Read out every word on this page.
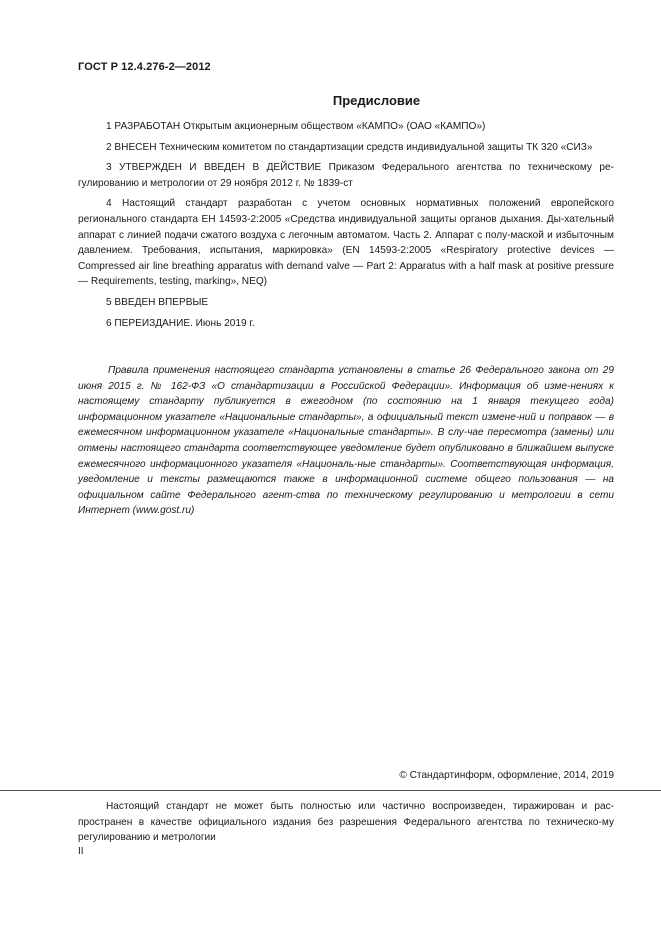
ГОСТ Р 12.4.276-2—2012
Предисловие

1 РАЗРАБОТАН Открытым акционерным обществом «КАМПО» (ОАО «КАМПО»)

2 ВНЕСЕН Техническим комитетом по стандартизации средств индивидуальной защиты ТК 320 «СИЗ»

3 УТВЕРЖДЕН И ВВЕДЕН В ДЕЙСТВИЕ Приказом Федерального агентства по техническому ре-гулированию и метрологии от 29 ноября 2012 г. № 1839-ст

4 Настоящий стандарт разработан с учетом основных нормативных положений европейского регионального стандарта ЕН 14593-2:2005 «Средства индивидуальной защиты органов дыхания. Ды-хательный аппарат с линией подачи сжатого воздуха с легочным автоматом. Часть 2. Аппарат с полу-маской и избыточным давлением. Требования, испытания, маркировка» (EN 14593-2:2005 «Respiratory protective devices — Compressed air line breathing apparatus with demand valve — Part 2: Apparatus with a half mask at positive pressure — Requirements, testing, marking», NEQ)

5 ВВЕДЕН ВПЕРВЫЕ

6 ПЕРЕИЗДАНИЕ. Июнь 2019 г.

Правила применения настоящего стандарта установлены в статье 26 Федерального закона от 29 июня 2015 г. № 162-ФЗ «О стандартизации в Российской Федерации». Информация об изме-нениях к настоящему стандарту публикуется в ежегодном (по состоянию на 1 января текущего года) информационном указателе «Национальные стандарты», а официальный текст измене-ний и поправок — в ежемесячном информационном указателе «Национальные стандарты». В слу-чае пересмотра (замены) или отмены настоящего стандарта соответствующее уведомление будет опубликовано в ближайшем выпуске ежемесячного информационного указателя «Националь-ные стандарты». Соответствующая информация, уведомление и тексты размещаются также в информационной системе общего пользования — на официальном сайте Федерального агент-ства по техническому регулированию и метрологии в сети Интернет (www.gost.ru)

© Стандартинформ, оформление, 2014, 2019

Настоящий стандарт не может быть полностью или частично воспроизведен, тиражирован и рас-пространен в качестве официального издания без разрешения Федерального агентства по техническо-му регулированию и метрологии

II
